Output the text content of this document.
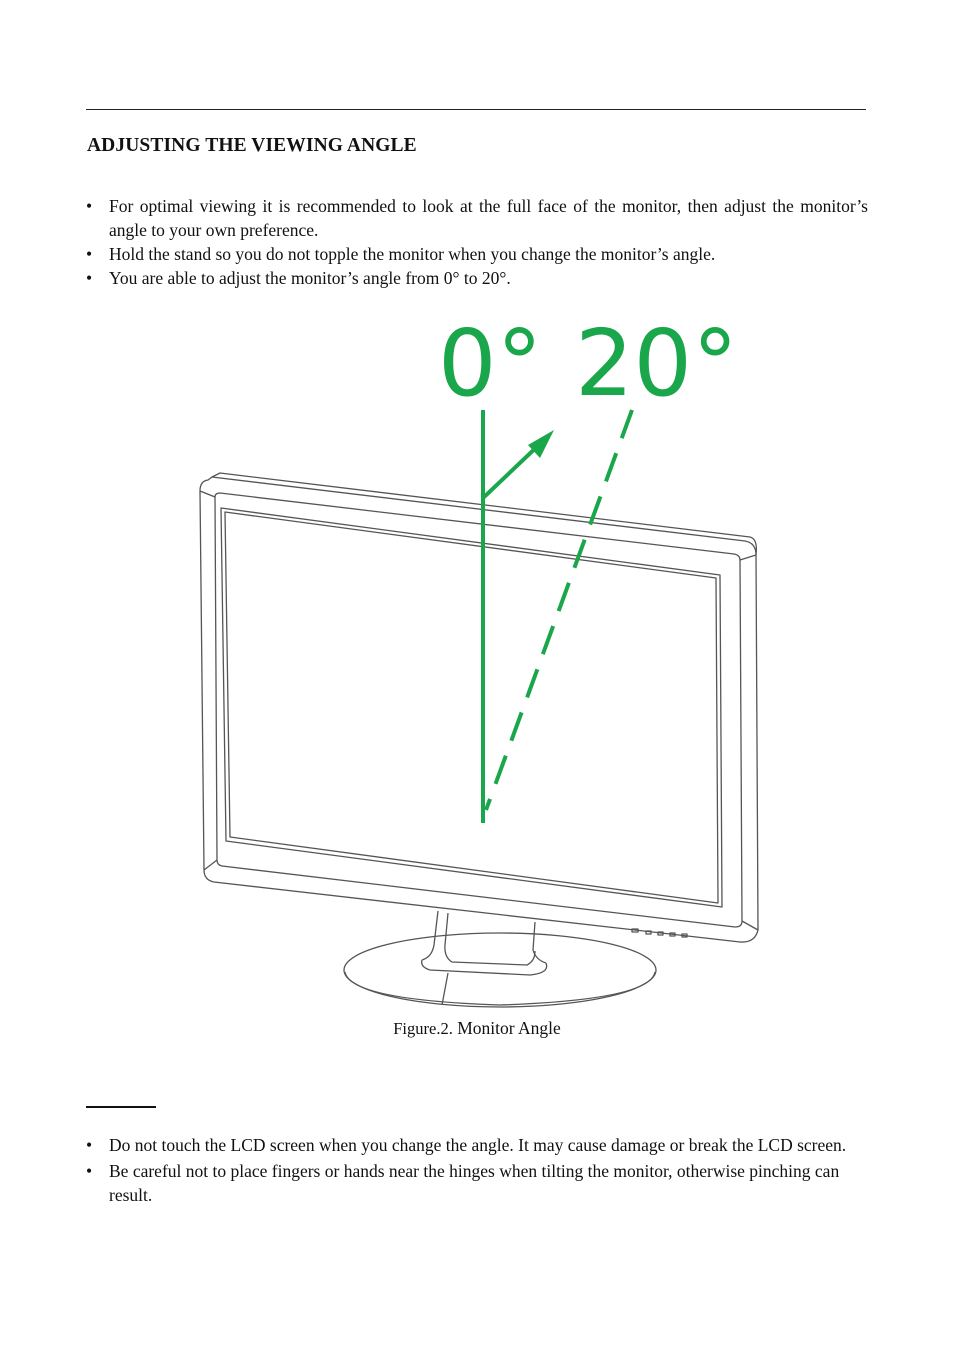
ADJUSTING THE VIEWING ANGLE
• For optimal viewing it is recommended to look at the full face of the monitor, then adjust the monitor’s angle to your own preference.
• Hold the stand so you do not topple the monitor when you change the monitor’s angle.
• You are able to adjust the monitor’s angle from 0° to 20°.
0° 20°
Figure.2. Monitor Angle
• Do not touch the LCD screen when you change the angle. It may cause damage or break the LCD screen.
• Be careful not to place fingers or hands near the hinges when tilting the monitor, otherwise pinching can result.
